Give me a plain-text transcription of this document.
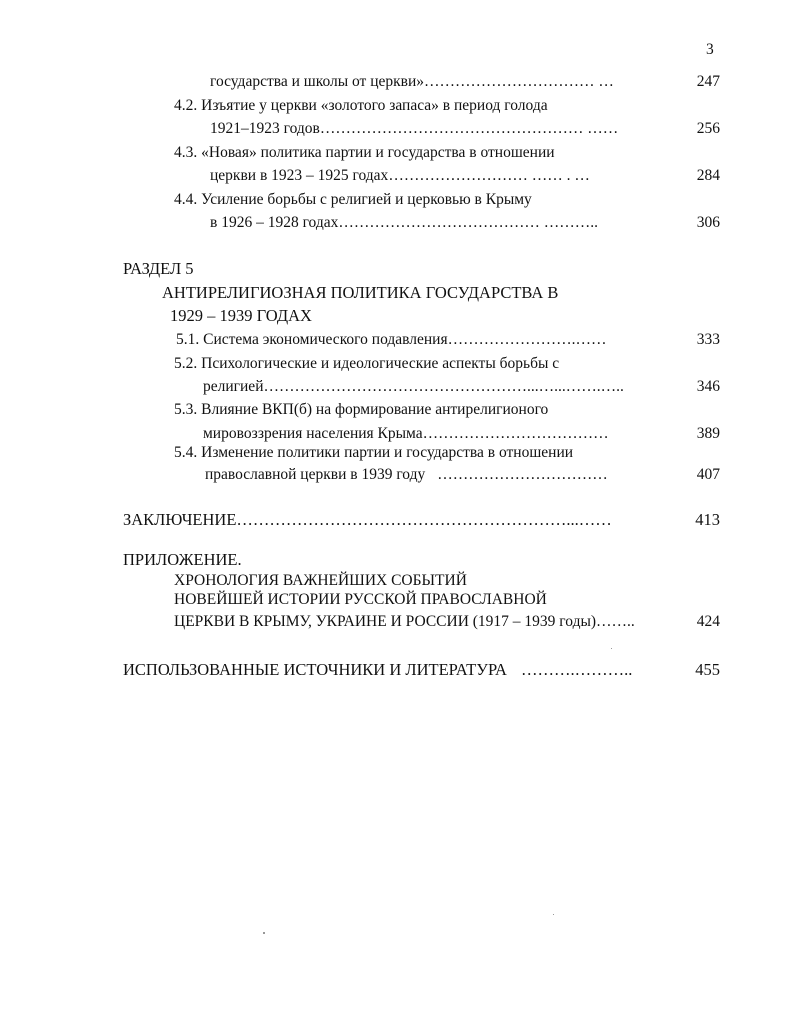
3
государства и школы от церкви»…………………………… …	247
4.2. Изъятие у церкви «золотого запаса» в период голода
1921–1923 годов…………………………………………… ……	256
4.3. «Новая» политика партии и государства в отношении
церкви в 1923 – 1925 годах……………………… …… . …	284
4.4. Усиление борьбы с религией и церковью в Крыму
в 1926 – 1928 годах………………………………… ………..	306
РАЗДЕЛ 5
АНТИРЕЛИГИОЗНАЯ ПОЛИТИКА ГОСУДАРСТВА В
1929 – 1939 ГОДАХ
5.1. Система экономического подавления…………………….……	333
5.2. Психологические и идеологические аспекты борьбы с
религией……………………………………………...…...…….…..	346
5.3. Влияние ВКП(б) на формирование антирелигионого
мировоззрения населения Крыма………………………………	389
5.4. Изменение политики партии и государства в отношении
православной церкви в 1939 году ……………………………	407
ЗАКЛЮЧЕНИЕ……………………………………………………...……	413
ПРИЛОЖЕНИЕ.
ХРОНОЛОГИЯ ВАЖНЕЙШИХ СОБЫТИЙ
НОВЕЙШЕЙ ИСТОРИИ РУССКОЙ ПРАВОСЛАВНОЙ
ЦЕРКВИ В КРЫМУ, УКРАИНЕ И РОССИИ (1917 – 1939 годы)……..	424
ИСПОЛЬЗОВАННЫЕ ИСТОЧНИКИ И ЛИТЕРАТУРА ……….………..	455
